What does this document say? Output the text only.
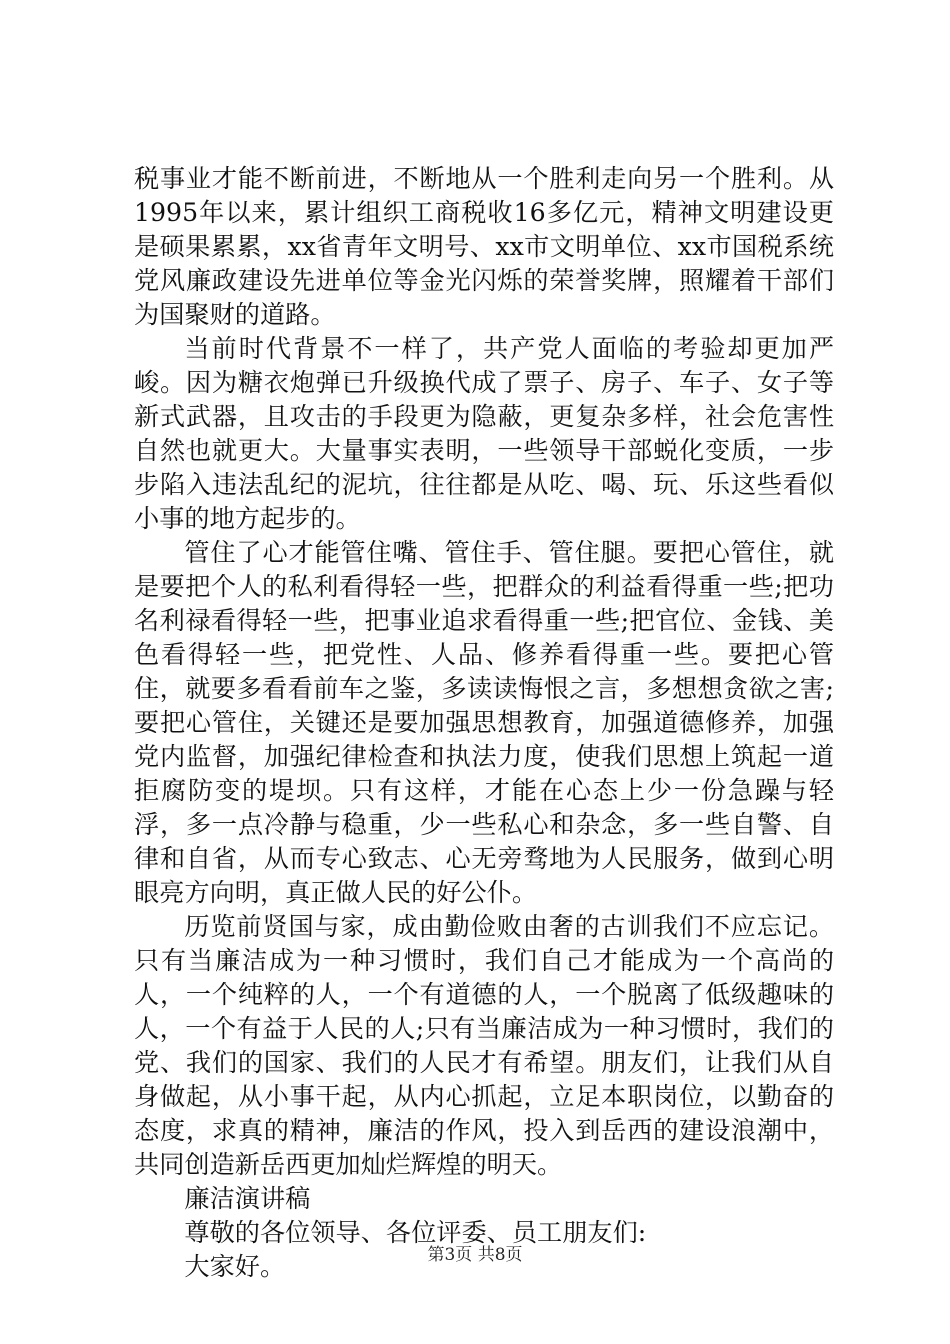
税事业才能不断前进，不断地从一个胜利走向另一个胜利。从1995年以来，累计组织工商税收16多亿元，精神文明建设更是硕果累累，xx省青年文明号、xx市文明单位、xx市国税系统党风廉政建设先进单位等金光闪烁的荣誉奖牌，照耀着干部们为国聚财的道路。

当前时代背景不一样了，共产党人面临的考验却更加严峻。因为糖衣炮弹已升级换代成了票子、房子、车子、女子等新式武器，且攻击的手段更为隐蔽，更复杂多样，社会危害性自然也就更大。大量事实表明，一些领导干部蜕化变质，一步步陷入违法乱纪的泥坑，往往都是从吃、喝、玩、乐这些看似小事的地方起步的。

管住了心才能管住嘴、管住手、管住腿。要把心管住，就是要把个人的私利看得轻一些，把群众的利益看得重一些;把功名利禄看得轻一些，把事业追求看得重一些;把官位、金钱、美色看得轻一些，把党性、人品、修养看得重一些。要把心管住，就要多看看前车之鉴，多读读悔恨之言，多想想贪欲之害;要把心管住，关键还是要加强思想教育，加强道德修养，加强党内监督，加强纪律检查和执法力度，使我们思想上筑起一道拒腐防变的堤坝。只有这样，才能在心态上少一份急躁与轻浮，多一点冷静与稳重，少一些私心和杂念，多一些自警、自律和自省，从而专心致志、心无旁骛地为人民服务，做到心明眼亮方向明，真正做人民的好公仆。

历览前贤国与家，成由勤俭败由奢的古训我们不应忘记。只有当廉洁成为一种习惯时，我们自己才能成为一个高尚的人，一个纯粹的人，一个有道德的人，一个脱离了低级趣味的人，一个有益于人民的人;只有当廉洁成为一种习惯时，我们的党、我们的国家、我们的人民才有希望。朋友们，让我们从自身做起，从小事干起，从内心抓起，立足本职岗位，以勤奋的态度，求真的精神，廉洁的作风，投入到岳西的建设浪潮中，共同创造新岳西更加灿烂辉煌的明天。

廉洁演讲稿

尊敬的各位领导、各位评委、员工朋友们:

大家好。	第3页 共8页
